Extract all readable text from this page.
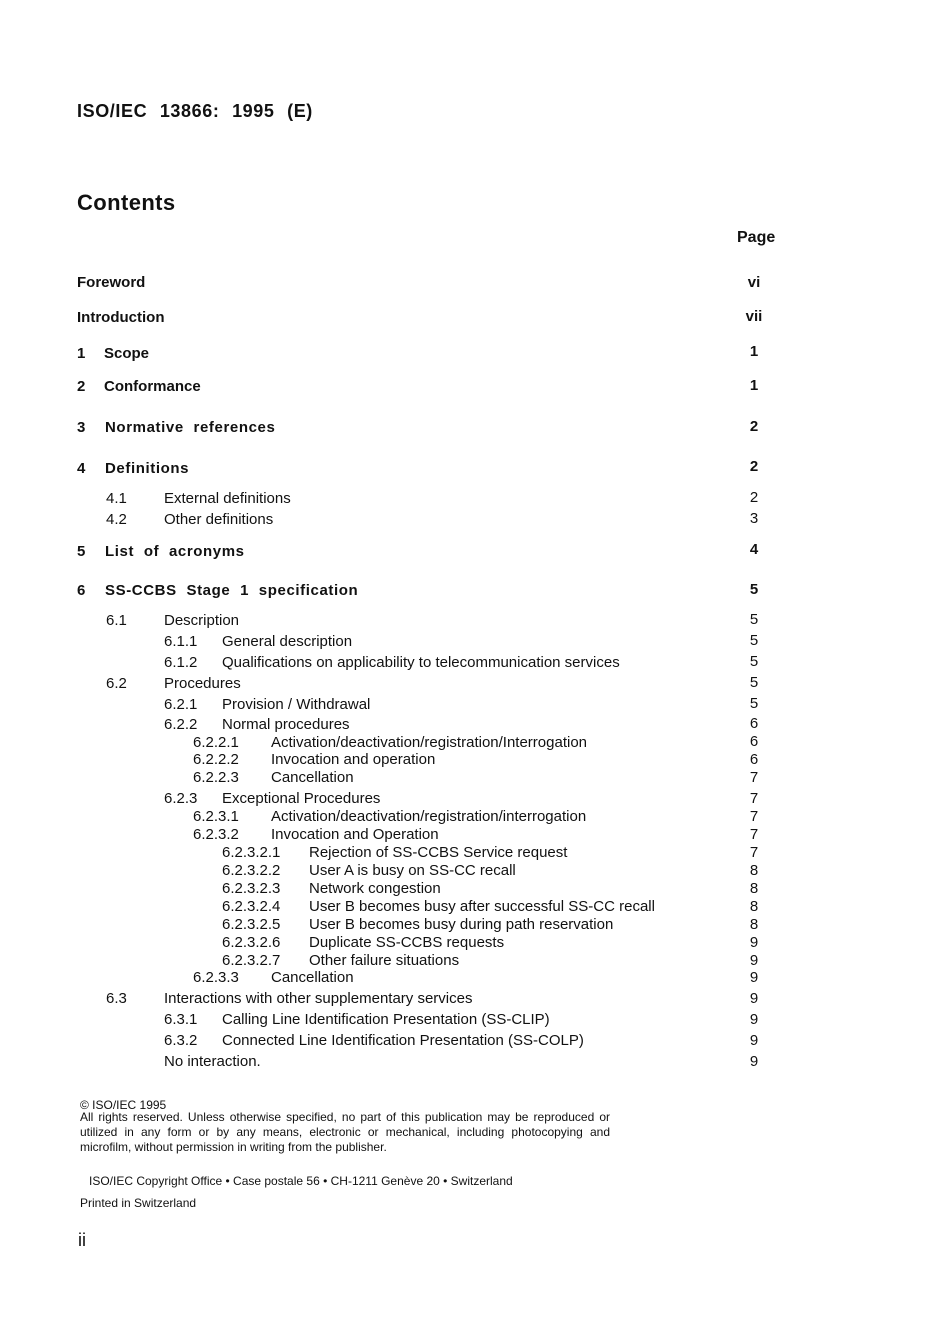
ISO/IEC 13866: 1995 (E)
Contents
Page
Foreword	vi
Introduction	vii
1 Scope	1
2 Conformance	1
3 Normative references	2
4 Definitions	2
4.1 External definitions	2
4.2 Other definitions	3
5 List of acronyms	4
6 SS-CCBS Stage 1 specification	5
6.1 Description	5
6.1.1 General description	5
6.1.2 Qualifications on applicability to telecommunication services	5
6.2 Procedures	5
6.2.1 Provision / Withdrawal	5
6.2.2 Normal procedures	6
6.2.2.1 Activation/deactivation/registration/Interrogation	6
6.2.2.2 Invocation and operation	6
6.2.2.3 Cancellation	7
6.2.3 Exceptional Procedures	7
6.2.3.1 Activation/deactivation/registration/interrogation	7
6.2.3.2 Invocation and Operation	7
6.2.3.2.1 Rejection of SS-CCBS Service request	7
6.2.3.2.2 User A is busy on SS-CC recall	8
6.2.3.2.3 Network congestion	8
6.2.3.2.4 User B becomes busy after successful SS-CC recall	8
6.2.3.2.5 User B becomes busy during path reservation	8
6.2.3.2.6 Duplicate SS-CCBS requests	9
6.2.3.2.7 Other failure situations	9
6.2.3.3 Cancellation	9
6.3 Interactions with other supplementary services	9
6.3.1 Calling Line Identification Presentation (SS-CLIP)	9
6.3.2 Connected Line Identification Presentation (SS-COLP)	9
No interaction.	9
© ISO/IEC 1995
All rights reserved. Unless otherwise specified, no part of this publication may be reproduced or utilized in any form or by any means, electronic or mechanical, including photocopying and microfilm, without permission in writing from the publisher.
ISO/IEC Copyright Office • Case postale 56 • CH-1211 Genève 20 • Switzerland
Printed in Switzerland
ii
